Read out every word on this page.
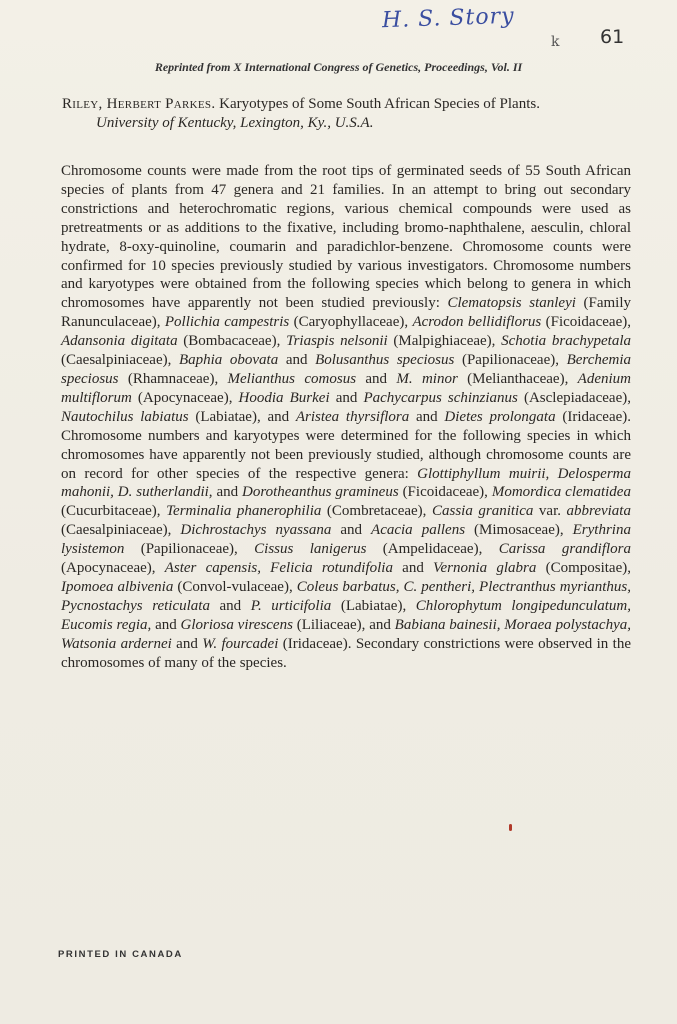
H. S. Story
k 61
Reprinted from X International Congress of Genetics, Proceedings, Vol. II
Riley, Herbert Parkes. Karyotypes of Some South African Species of Plants.
University of Kentucky, Lexington, Ky., U.S.A.

Chromosome counts were made from the root tips of germinated seeds of 55 South African species of plants from 47 genera and 21 families. In an attempt to bring out secondary constrictions and heterochromatic regions, various chemical compounds were used as pretreatments or as additions to the fixative, including bromo-naphthalene, aesculin, chloral hydrate, 8-oxy-quinoline, coumarin and paradichlor-benzene. Chromosome counts were confirmed for 10 species previously studied by various investigators. Chromosome numbers and karyotypes were obtained from the following species which belong to genera in which chromosomes have apparently not been studied previously: Clematopsis stanleyi (Family Ranunculaceae), Pollichia campestris (Caryophyllaceae), Acrodon bellidiflorus (Ficoidaceae), Adansonia digitata (Bombacaceae), Triaspis nelsonii (Malpighiaceae), Schotia brachypetala (Caesalpiniaceae), Baphia obovata and Bolusanthus speciosus (Papilionaceae), Berchemia speciosus (Rhamnaceae), Melianthus comosus and M. minor (Melianthaceae), Adenium multiflorum (Apocynaceae), Hoodia Burkei and Pachycarpus schinzianus (Asclepiadaceae), Nautochilus labiatus (Labiatae), and Aristea thyrsiflora and Dietes prolongata (Iridaceae). Chromosome numbers and karyotypes were determined for the following species in which chromosomes have apparently not been previously studied, although chromosome counts are on record for other species of the respective genera: Glottiphyllum muirii, Delosperma mahonii, D. sutherlandii, and Dorotheanthus gramineus (Ficoidaceae), Momordica clematidea (Cucurbitaceae), Terminalia phanerophilia (Combretaceae), Cassia granitica var. abbreviata (Caesalpiniaceae), Dichrostachys nyassana and Acacia pallens (Mimosaceae), Erythrina lysistemon (Papilionaceae), Cissus lanigerus (Ampelidaceae), Carissa grandiflora (Apocynaceae), Aster capensis, Felicia rotundifolia and Vernonia glabra (Compositae), Ipomoea albivenia (Convol-vulaceae), Coleus barbatus, C. pentheri, Plectranthus myrianthus, Pycnostachys reticulata and P. urticifolia (Labiatae), Chlorophytum longipedunculatum, Eucomis regia, and Gloriosa virescens (Liliaceae), and Babiana bainesii, Moraea polystachya, Watsonia ardernei and W. fourcadei (Iridaceae). Secondary constrictions were observed in the chromosomes of many of the species.

PRINTED IN CANADA
